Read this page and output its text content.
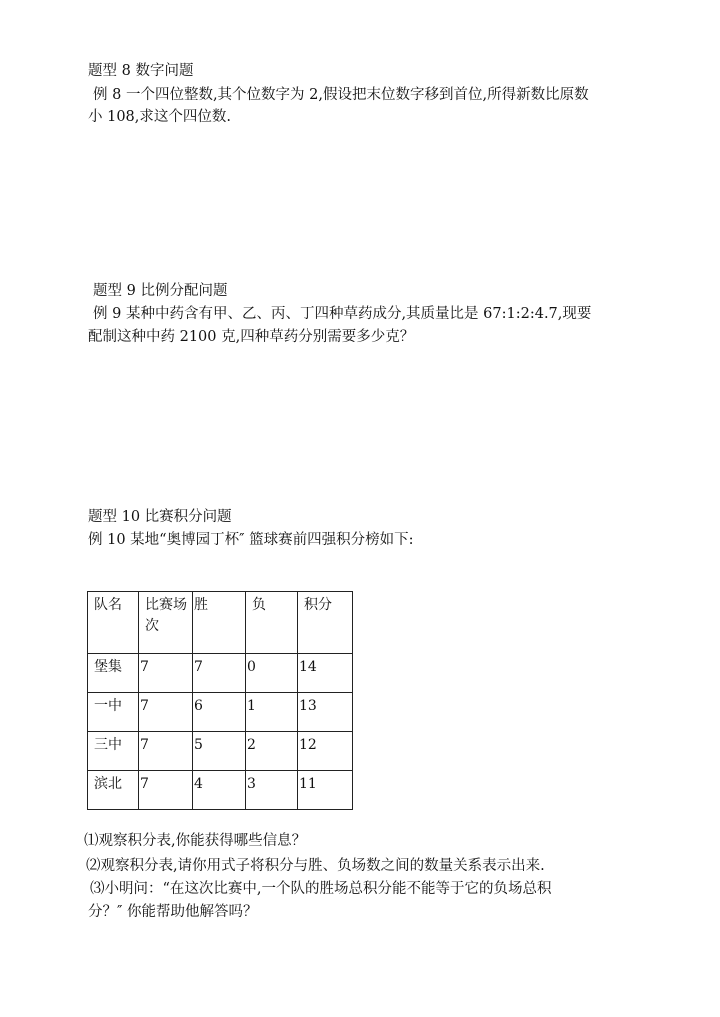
题型 8 数字问题
例 8 一个四位整数,其个位数字为 2,假设把末位数字移到首位,所得新数比原数
小 108,求这个四位数.
题型 9 比例分配问题
例 9 某种中药含有甲、乙、丙、丁四种草药成分,其质量比是 67:1:2:4.7,现要
配制这种中药 2100 克,四种草药分别需要多少克？
题型 10 比赛积分问题
例 10 某地“奥博园丁杯″ 篮球赛前四强积分榜如下:
队名	比赛场次	胜	负	积分
堡集	7	7	0	14
一中	7	6	1	13
三中	7	5	2	12
滨北	7	4	3	11
⑴观察积分表,你能获得哪些信息？
⑵观察积分表,请你用式子将积分与胜、负场数之间的数量关系表示出来.
⑶小明问：“在这次比赛中,一个队的胜场总积分能不能等于它的负场总积
分？″ 你能帮助他解答吗？
